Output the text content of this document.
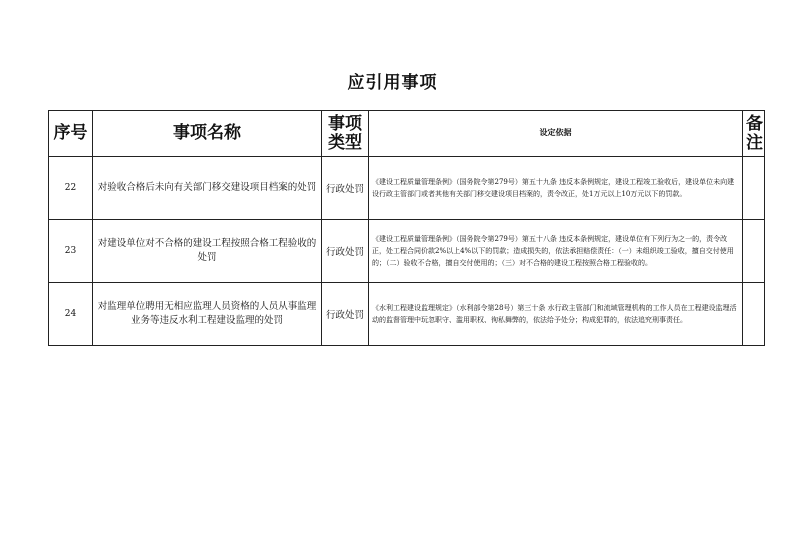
应引用事项
序号	事项名称	事项类型	设定依据	备注
22	对验收合格后未向有关部门移交建设项目档案的处罚	行政处罚	《建设工程质量管理条例》（国务院令第279号）第五十九条 违反本条例规定，建设工程竣工验收后，建设单位未向建设行政主管部门或者其他有关部门移交建设项目档案的，责令改正，处1万元以上10万元以下的罚款。	
23	对建设单位对不合格的建设工程按照合格工程验收的处罚	行政处罚	《建设工程质量管理条例》（国务院令第279号）第五十八条 违反本条例规定，建设单位有下列行为之一的，责令改正，处工程合同价款2%以上4%以下的罚款；造成损失的，依法承担赔偿责任：（一）未组织竣工验收，擅自交付使用的；（二）验收不合格，擅自交付使用的；（三）对不合格的建设工程按照合格工程验收的。	
24	对监理单位聘用无相应监理人员资格的人员从事监理业务等违反水利工程建设监理的处罚	行政处罚	《水利工程建设监理规定》（水利部令第28号）第三十条 水行政主管部门和流域管理机构的工作人员在工程建设监理活动的监督管理中玩忽职守、滥用职权、徇私舞弊的，依法给予处分；构成犯罪的，依法追究刑事责任。	
